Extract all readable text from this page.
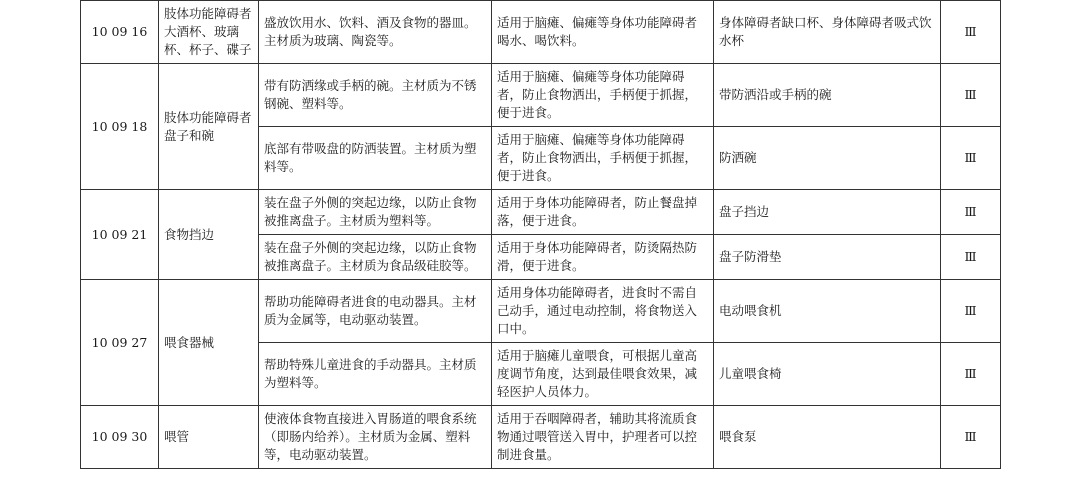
10 09 16	肢体功能障碍者大酒杯、玻璃杯、杯子、碟子	盛放饮用水、饮料、酒及食物的器皿。主材质为玻璃、陶瓷等。	适用于脑瘫、偏瘫等身体功能障碍者喝水、喝饮料。	身体障碍者缺口杯、身体障碍者吸式饮水杯	Ⅲ
10 09 18	肢体功能障碍者盘子和碗	带有防洒缘或手柄的碗。主材质为不锈钢碗、塑料等。	适用于脑瘫、偏瘫等身体功能障碍者，防止食物洒出，手柄便于抓握，便于进食。	带防洒沿或手柄的碗	Ⅲ
		底部有带吸盘的防洒装置。主材质为塑料等。	适用于脑瘫、偏瘫等身体功能障碍者，防止食物洒出，手柄便于抓握，便于进食。	防洒碗	Ⅲ
10 09 21	食物挡边	装在盘子外侧的突起边缘，以防止食物被推离盘子。主材质为塑料等。	适用于身体功能障碍者，防止餐盘掉落，便于进食。	盘子挡边	Ⅲ
		装在盘子外侧的突起边缘，以防止食物被推离盘子。主材质为食品级硅胶等。	适用于身体功能障碍者，防烫隔热防滑，便于进食。	盘子防滑垫	Ⅲ
10 09 27	喂食器械	帮助功能障碍者进食的电动器具。主材质为金属等，电动驱动装置。	适用身体功能障碍者，进食时不需自己动手，通过电动控制，将食物送入口中。	电动喂食机	Ⅲ
		帮助特殊儿童进食的手动器具。主材质为塑料等。	适用于脑瘫儿童喂食，可根据儿童高度调节角度，达到最佳喂食效果，减轻医护人员体力。	儿童喂食椅	Ⅲ
10 09 30	喂管	使液体食物直接进入胃肠道的喂食系统（即肠内给养）。主材质为金属、塑料等，电动驱动装置。	适用于吞咽障碍者，辅助其将流质食物通过喂管送入胃中，护理者可以控制进食量。	喂食泵	Ⅲ
